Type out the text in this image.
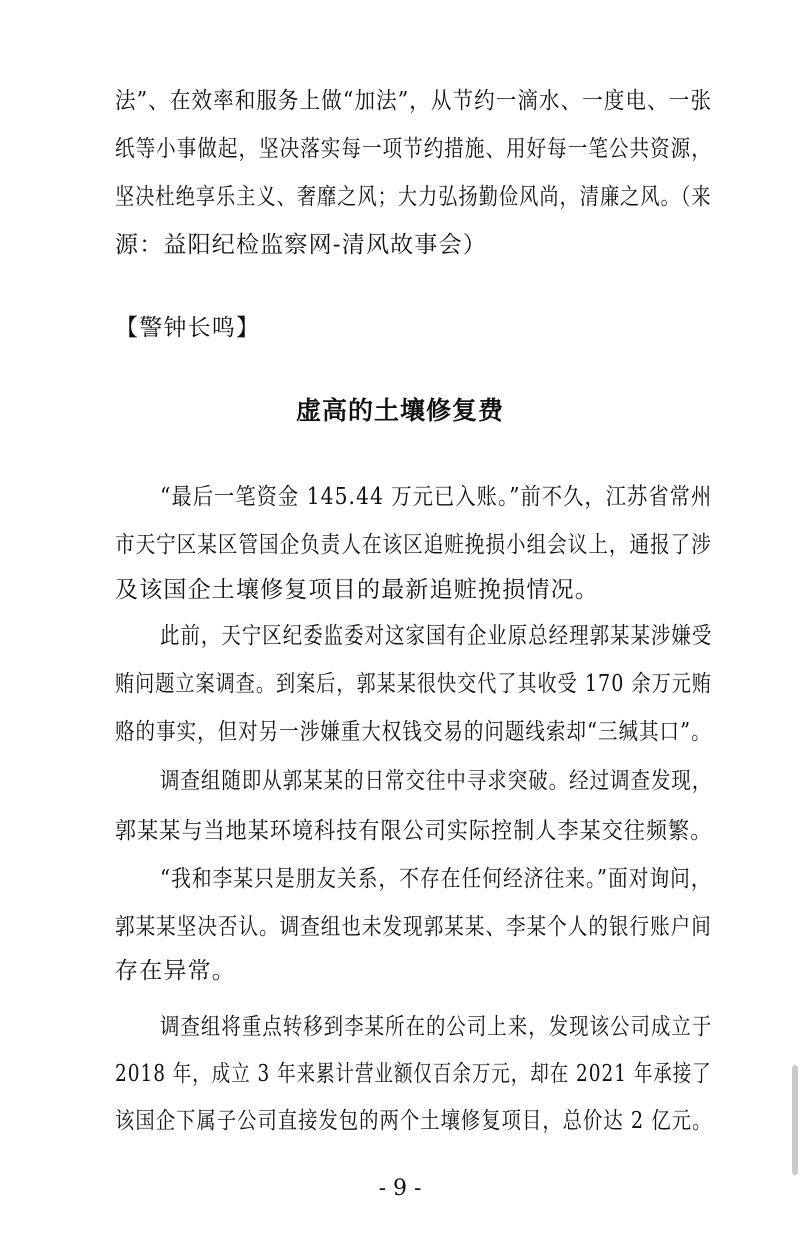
法”、在效率和服务上做“加法”，从节约一滴水、一度电、一张
纸等小事做起，坚决落实每一项节约措施、用好每一笔公共资源，
坚决杜绝享乐主义、奢靡之风；大力弘扬勤俭风尚，清廉之风。（来
源：益阳纪检监察网-清风故事会）
【警钟长鸣】
虚高的土壤修复费
“最后一笔资金 145.44 万元已入账。”前不久，江苏省常州
市天宁区某区管国企负责人在该区追赃挽损小组会议上，通报了涉
及该国企土壤修复项目的最新追赃挽损情况。
此前，天宁区纪委监委对这家国有企业原总经理郭某某涉嫌受
贿问题立案调查。到案后，郭某某很快交代了其收受 170 余万元贿
赂的事实，但对另一涉嫌重大权钱交易的问题线索却“三缄其口”。
调查组随即从郭某某的日常交往中寻求突破。经过调查发现，
郭某某与当地某环境科技有限公司实际控制人李某交往频繁。
“我和李某只是朋友关系，不存在任何经济往来。”面对询问，
郭某某坚决否认。调查组也未发现郭某某、李某个人的银行账户间
存在异常。
调查组将重点转移到李某所在的公司上来，发现该公司成立于
2018 年，成立 3 年来累计营业额仅百余万元，却在 2021 年承接了
该国企下属子公司直接发包的两个土壤修复项目，总价达 2 亿元。
- 9 -
